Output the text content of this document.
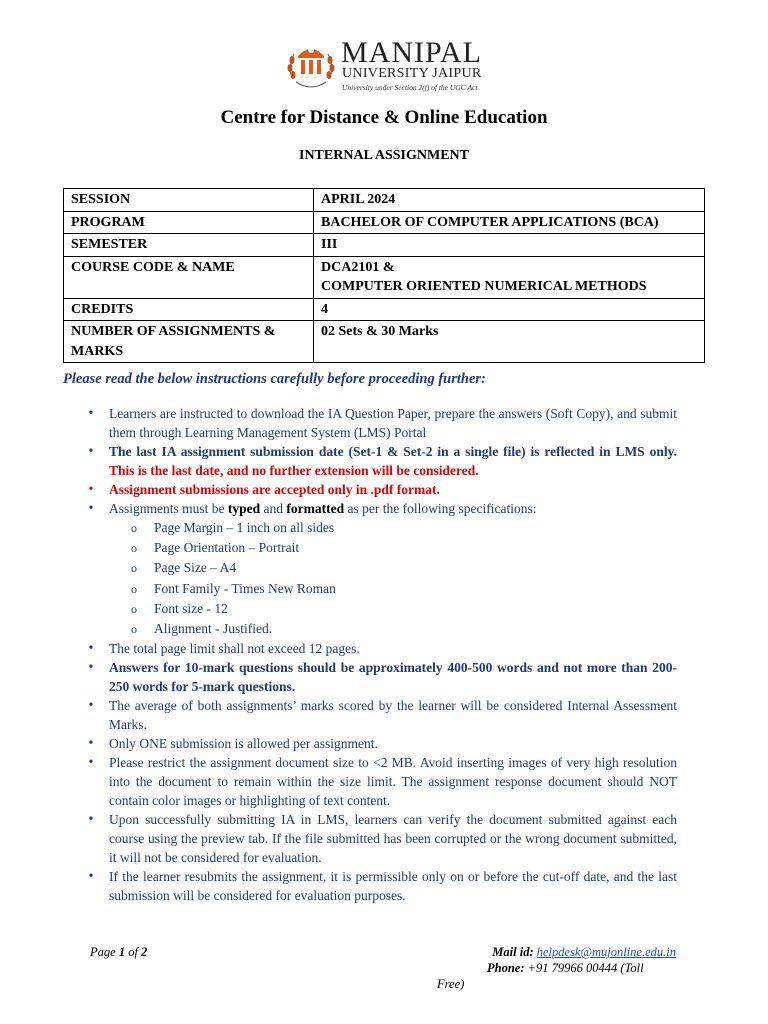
MANIPAL
UNIVERSITY JAIPUR
University under Section 2(f) of the UGC Act
Centre for Distance & Online Education
INTERNAL ASSIGNMENT
SESSION	APRIL 2024
PROGRAM	BACHELOR OF COMPUTER APPLICATIONS (BCA)
SEMESTER	III
COURSE CODE & NAME	DCA2101 &
COMPUTER ORIENTED NUMERICAL METHODS

CREDITS	4
NUMBER OF ASSIGNMENTS & MARKS	02 Sets & 30 Marks
Please read the below instructions carefully before proceeding further:
• Learners are instructed to download the IA Question Paper, prepare the answers (Soft Copy), and submit them through Learning Management System (LMS) Portal
• The last IA assignment submission date (Set-1 & Set-2 in a single file) is reflected in LMS only. This is the last date, and no further extension will be considered.
• Assignment submissions are accepted only in .pdf format.
• Assignments must be typed and formatted as per the following specifications:
o Page Margin – 1 inch on all sides
o Page Orientation – Portrait
o Page Size – A4
o Font Family - Times New Roman
o Font size - 12
o Alignment - Justified.
• The total page limit shall not exceed 12 pages.
• Answers for 10-mark questions should be approximately 400-500 words and not more than 200-250 words for 5-mark questions.
• The average of both assignments’ marks scored by the learner will be considered Internal Assessment Marks.
• Only ONE submission is allowed per assignment.
• Please restrict the assignment document size to <2 MB. Avoid inserting images of very high resolution into the document to remain within the size limit. The assignment response document should NOT contain color images or highlighting of text content.
• Upon successfully submitting IA in LMS, learners can verify the document submitted against each course using the preview tab. If the file submitted has been corrupted or the wrong document submitted, it will not be considered for evaluation.
• If the learner resubmits the assignment, it is permissible only on or before the cut-off date, and the last submission will be considered for evaluation purposes.
Page 1 of 2	Mail id: helpdesk@mujonline.edu.in
Phone: +91 79966 00444 (Toll
Free)
